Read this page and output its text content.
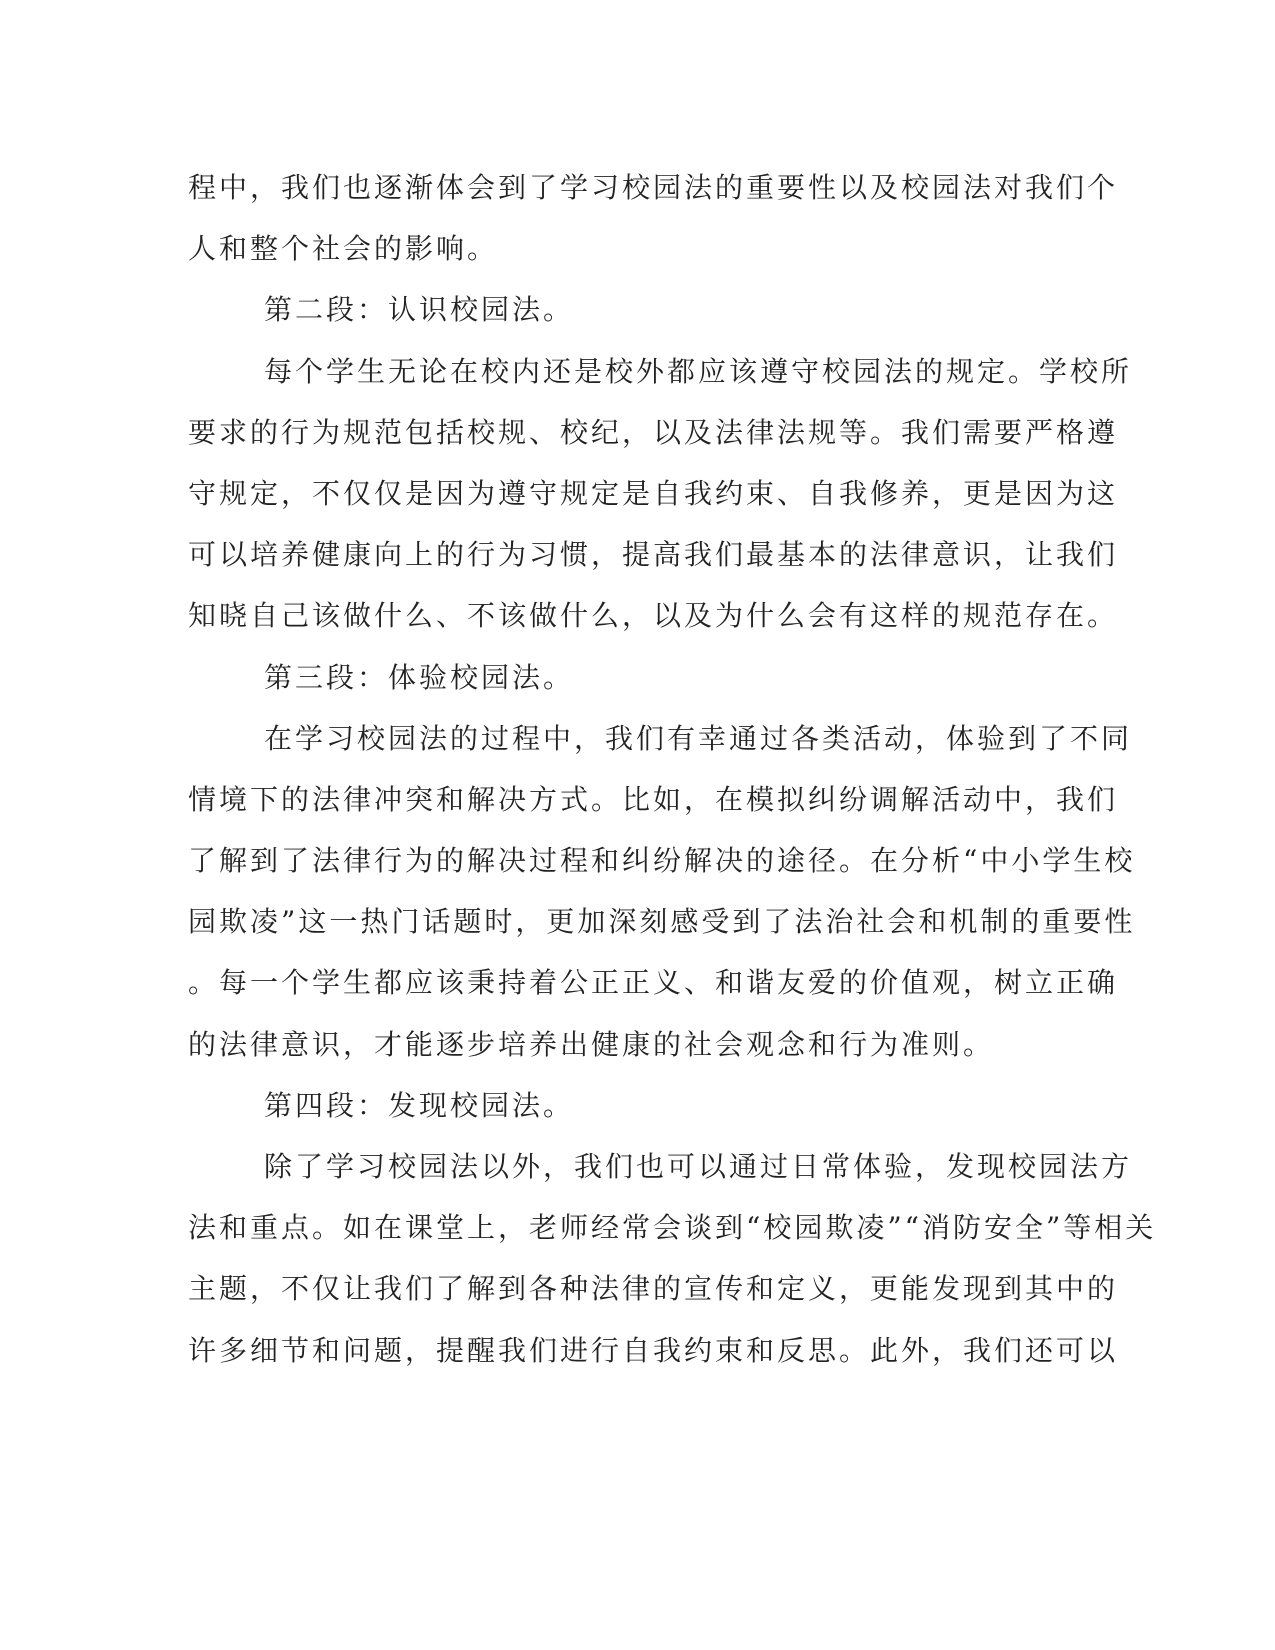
程中，我们也逐渐体会到了学习校园法的重要性以及校园法对我们个
人和整个社会的影响。
第二段：认识校园法。
每个学生无论在校内还是校外都应该遵守校园法的规定。学校所
要求的行为规范包括校规、校纪，以及法律法规等。我们需要严格遵
守规定，不仅仅是因为遵守规定是自我约束、自我修养，更是因为这
可以培养健康向上的行为习惯，提高我们最基本的法律意识，让我们
知晓自己该做什么、不该做什么，以及为什么会有这样的规范存在。
第三段：体验校园法。
在学习校园法的过程中，我们有幸通过各类活动，体验到了不同
情境下的法律冲突和解决方式。比如，在模拟纠纷调解活动中，我们
了解到了法律行为的解决过程和纠纷解决的途径。在分析“中小学生校
园欺凌”这一热门话题时，更加深刻感受到了法治社会和机制的重要性
。每一个学生都应该秉持着公正正义、和谐友爱的价值观，树立正确
的法律意识，才能逐步培养出健康的社会观念和行为准则。
第四段：发现校园法。
除了学习校园法以外，我们也可以通过日常体验，发现校园法方
法和重点。如在课堂上，老师经常会谈到“校园欺凌”“消防安全”等相关
主题，不仅让我们了解到各种法律的宣传和定义，更能发现到其中的
许多细节和问题，提醒我们进行自我约束和反思。此外，我们还可以
